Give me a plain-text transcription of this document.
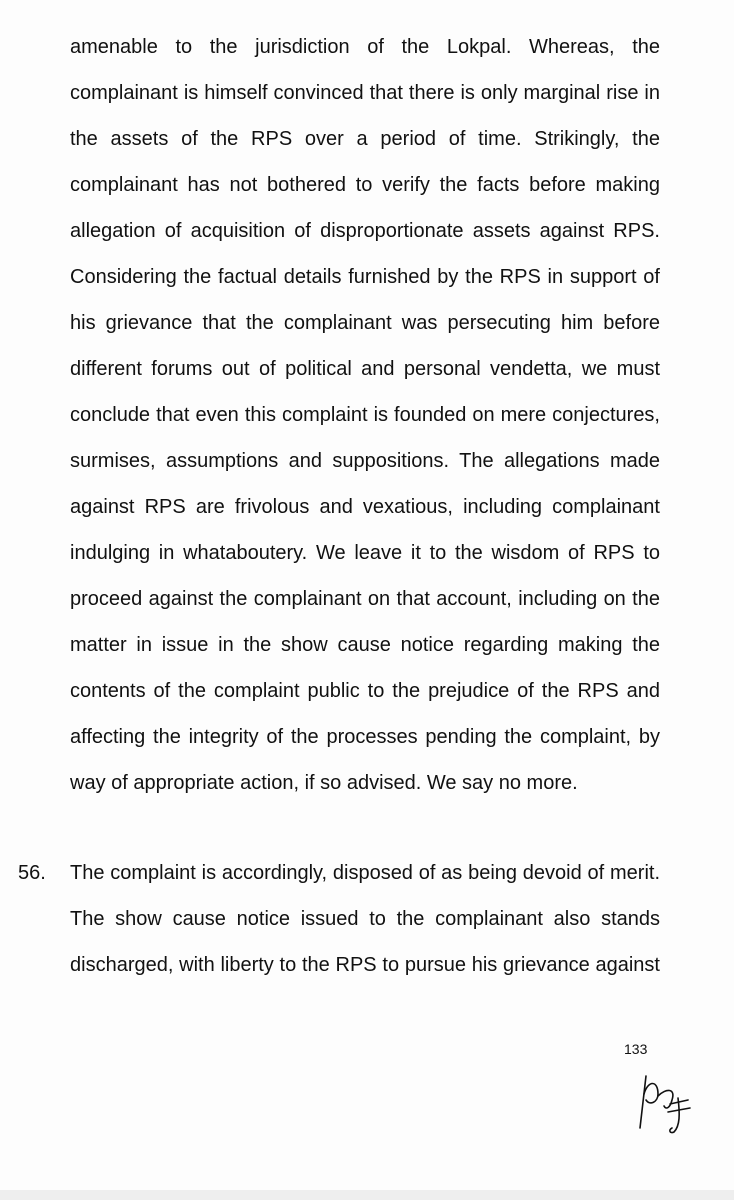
amenable to the jurisdiction of the Lokpal. Whereas, the
complainant is himself convinced that there is only marginal rise in
the assets of the RPS over a period of time. Strikingly, the
complainant has not bothered to verify the facts before making
allegation of acquisition of disproportionate assets against RPS.
Considering the factual details furnished by the RPS in support of
his grievance that the complainant was persecuting him before
different forums out of political and personal vendetta, we must
conclude that even this complaint is founded on mere conjectures,
surmises, assumptions and suppositions. The allegations made
against RPS are frivolous and vexatious, including complainant
indulging in whataboutery. We leave it to the wisdom of RPS to
proceed against the complainant on that account, including on the
matter in issue in the show cause notice regarding making the
contents of the complaint public to the prejudice of the RPS and
affecting the integrity of the processes pending the complaint, by
way of appropriate action, if so advised. We say no more.
56. The complaint is accordingly, disposed of as being devoid of merit.
The show cause notice issued to the complainant also stands
discharged, with liberty to the RPS to pursue his grievance against
133
